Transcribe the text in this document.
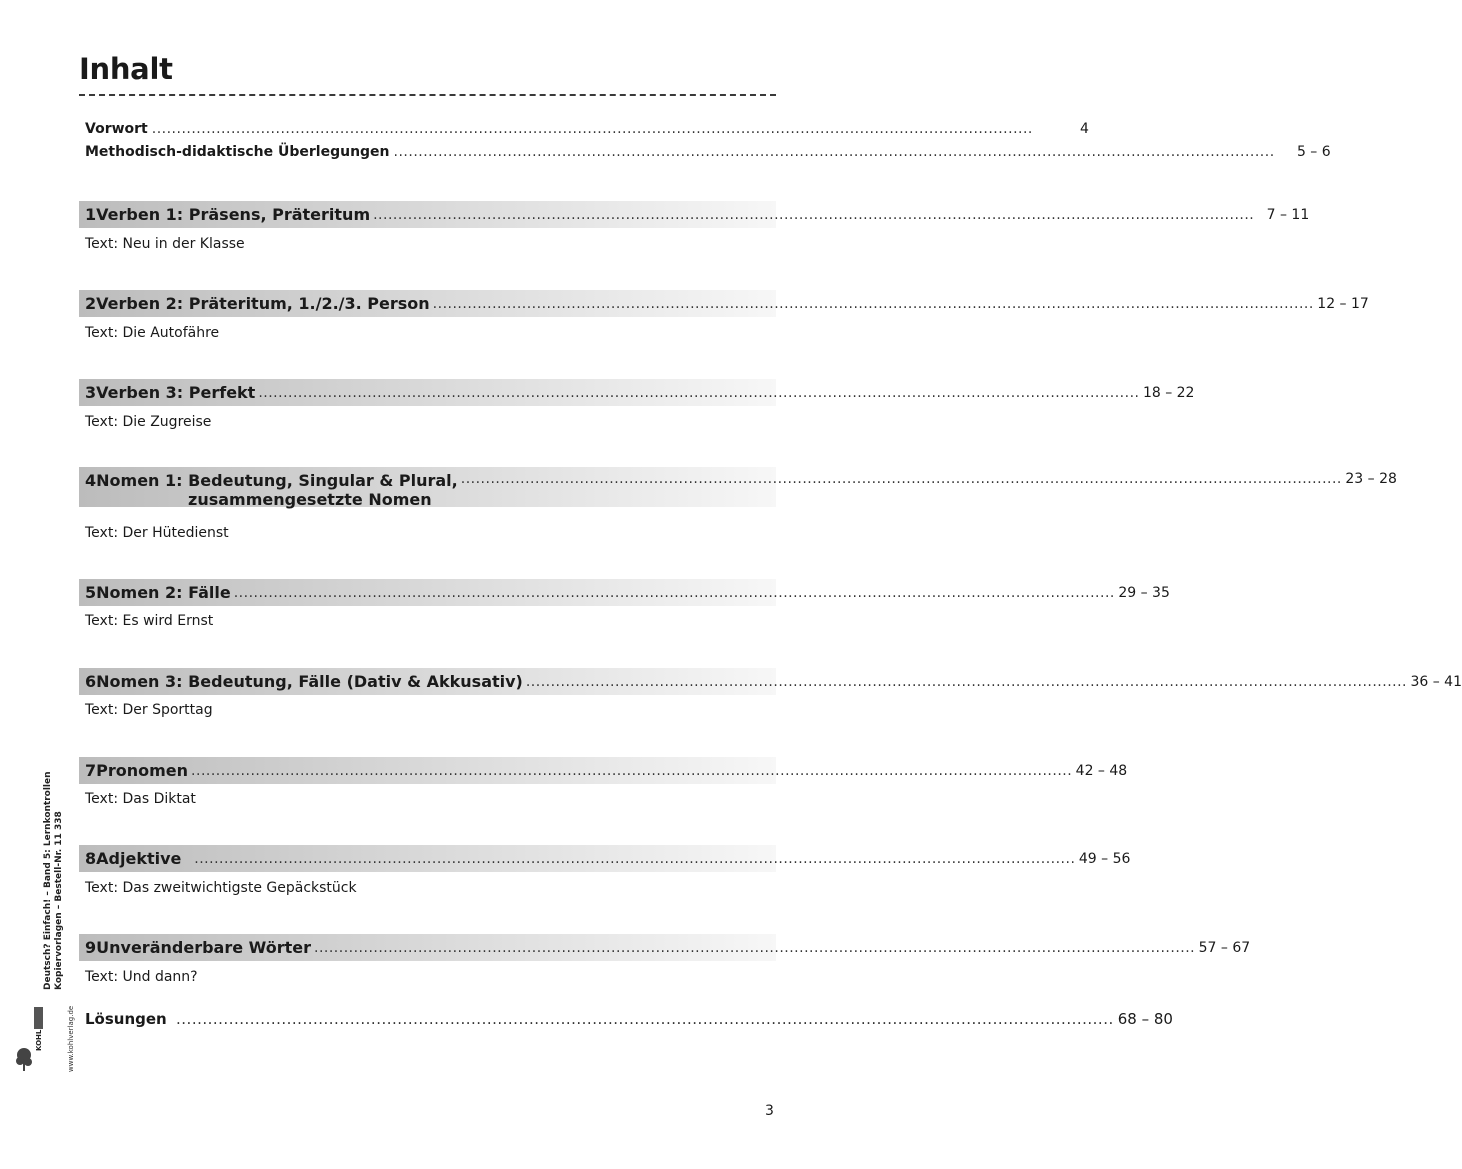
Inhalt
Vorwort ..................................................................................................................................................................................	4
Methodisch-didaktische Überlegungen ..................................................................................................................................................................................	5 – 6
1 Verben 1: Präsens, Präteritum .................................................................................................................................................................................. 7 – 11
Text: Neu in der Klasse
2 Verben 2: Präteritum, 1./2./3. Person .................................................................................................................................................................................. 12 – 17
Text: Die Autofähre
3 Verben 3: Perfekt .................................................................................................................................................................................. 18 – 22
Text: Die Zugreise
4 Nomen 1: Bedeutung, Singular & Plural, .................................................................................................................................................................................. 23 – 28
zusammengesetzte Nomen
Text: Der Hütedienst
5 Nomen 2: Fälle .................................................................................................................................................................................. 29 – 35
Text: Es wird Ernst
6 Nomen 3: Bedeutung, Fälle (Dativ & Akkusativ) .................................................................................................................................................................................. 36 – 41
Text: Der Sporttag
7 Pronomen .................................................................................................................................................................................. 42 – 48
Text: Das Diktat
8 Adjektive .................................................................................................................................................................................. 49 – 56
Text: Das zweitwichtigste Gepäckstück
9 Unveränderbare Wörter .................................................................................................................................................................................. 57 – 67
Text: Und dann?
Lösungen .................................................................................................................................................................................. 68 – 80
Deutsch? Einfach! – Band 5: Lernkontrollen Kopiervorlagen – Bestell-Nr. 11 338
www.kohlverlag.de
KOHL
3
